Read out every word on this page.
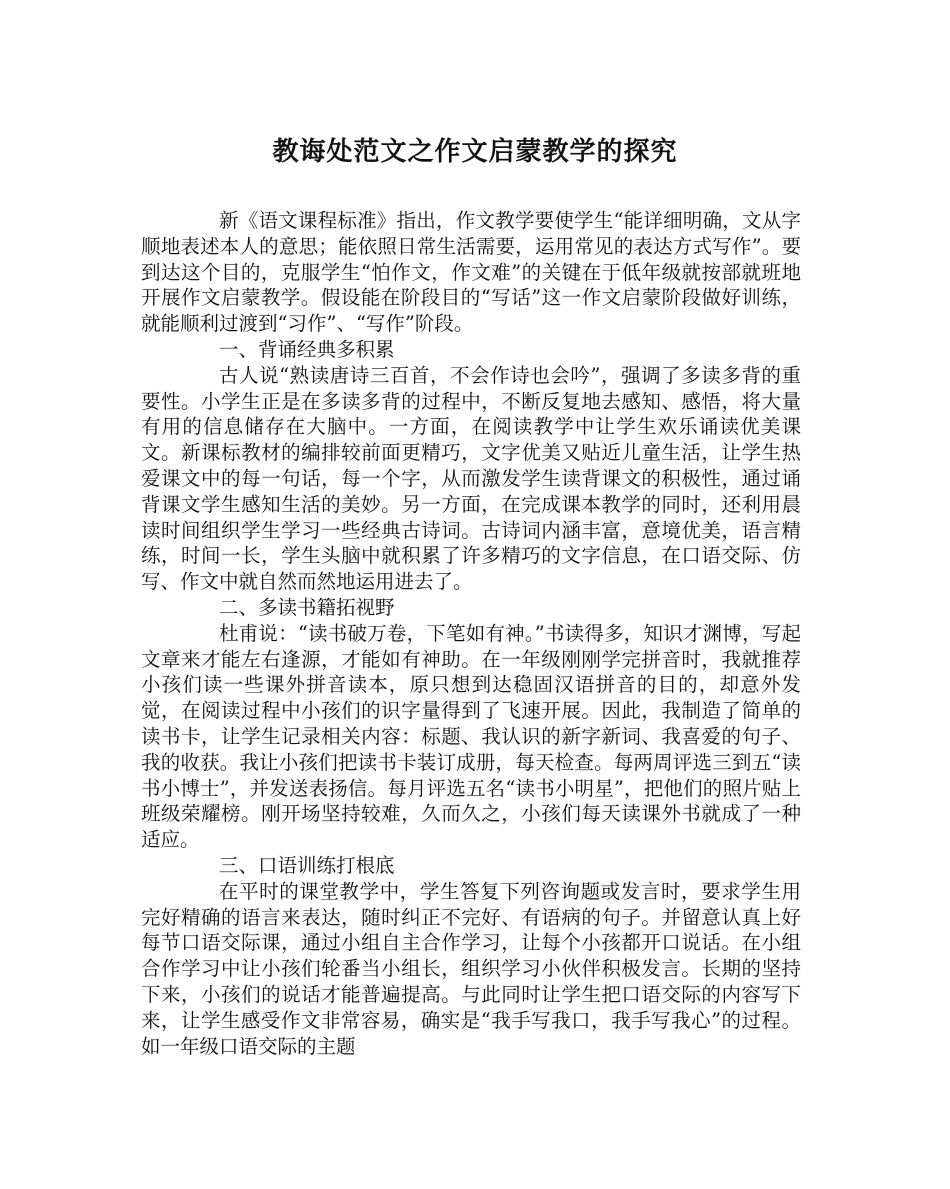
教诲处范文之作文启蒙教学的探究

新《语文课程标准》指出，作文教学要使学生“能详细明确，文从字顺地表述本人的意思；能依照日常生活需要，运用常见的表达方式写作”。要到达这个目的，克服学生“怕作文，作文难”的关键在于低年级就按部就班地开展作文启蒙教学。假设能在阶段目的“写话”这一作文启蒙阶段做好训练，就能顺利过渡到“习作”、“写作”阶段。

一、背诵经典多积累

古人说“熟读唐诗三百首，不会作诗也会吟”，强调了多读多背的重要性。小学生正是在多读多背的过程中，不断反复地去感知、感悟，将大量有用的信息储存在大脑中。一方面，在阅读教学中让学生欢乐诵读优美课文。新课标教材的编排较前面更精巧，文字优美又贴近儿童生活，让学生热爱课文中的每一句话，每一个字，从而激发学生读背课文的积极性，通过诵背课文学生感知生活的美妙。另一方面，在完成课本教学的同时，还利用晨读时间组织学生学习一些经典古诗词。古诗词内涵丰富，意境优美，语言精练，时间一长，学生头脑中就积累了许多精巧的文字信息，在口语交际、仿写、作文中就自然而然地运用进去了。

二、多读书籍拓视野

杜甫说：“读书破万卷，下笔如有神。”书读得多，知识才渊博，写起文章来才能左右逢源，才能如有神助。在一年级刚刚学完拼音时，我就推荐小孩们读一些课外拼音读本，原只想到达稳固汉语拼音的目的，却意外发觉，在阅读过程中小孩们的识字量得到了飞速开展。因此，我制造了简单的读书卡，让学生记录相关内容：标题、我认识的新字新词、我喜爱的句子、我的收获。我让小孩们把读书卡装订成册，每天检查。每两周评选三到五“读书小博士”，并发送表扬信。每月评选五名“读书小明星”，把他们的照片贴上班级荣耀榜。刚开场坚持较难，久而久之，小孩们每天读课外书就成了一种适应。

三、口语训练打根底

在平时的课堂教学中，学生答复下列咨询题或发言时，要求学生用完好精确的语言来表达，随时纠正不完好、有语病的句子。并留意认真上好每节口语交际课，通过小组自主合作学习，让每个小孩都开口说话。在小组合作学习中让小孩们轮番当小组长，组织学习小伙伴积极发言。长期的坚持下来，小孩们的说话才能普遍提高。与此同时让学生把口语交际的内容写下来，让学生感受作文非常容易，确实是“我手写我口，我手写我心”的过程。如一年级口语交际的主题
